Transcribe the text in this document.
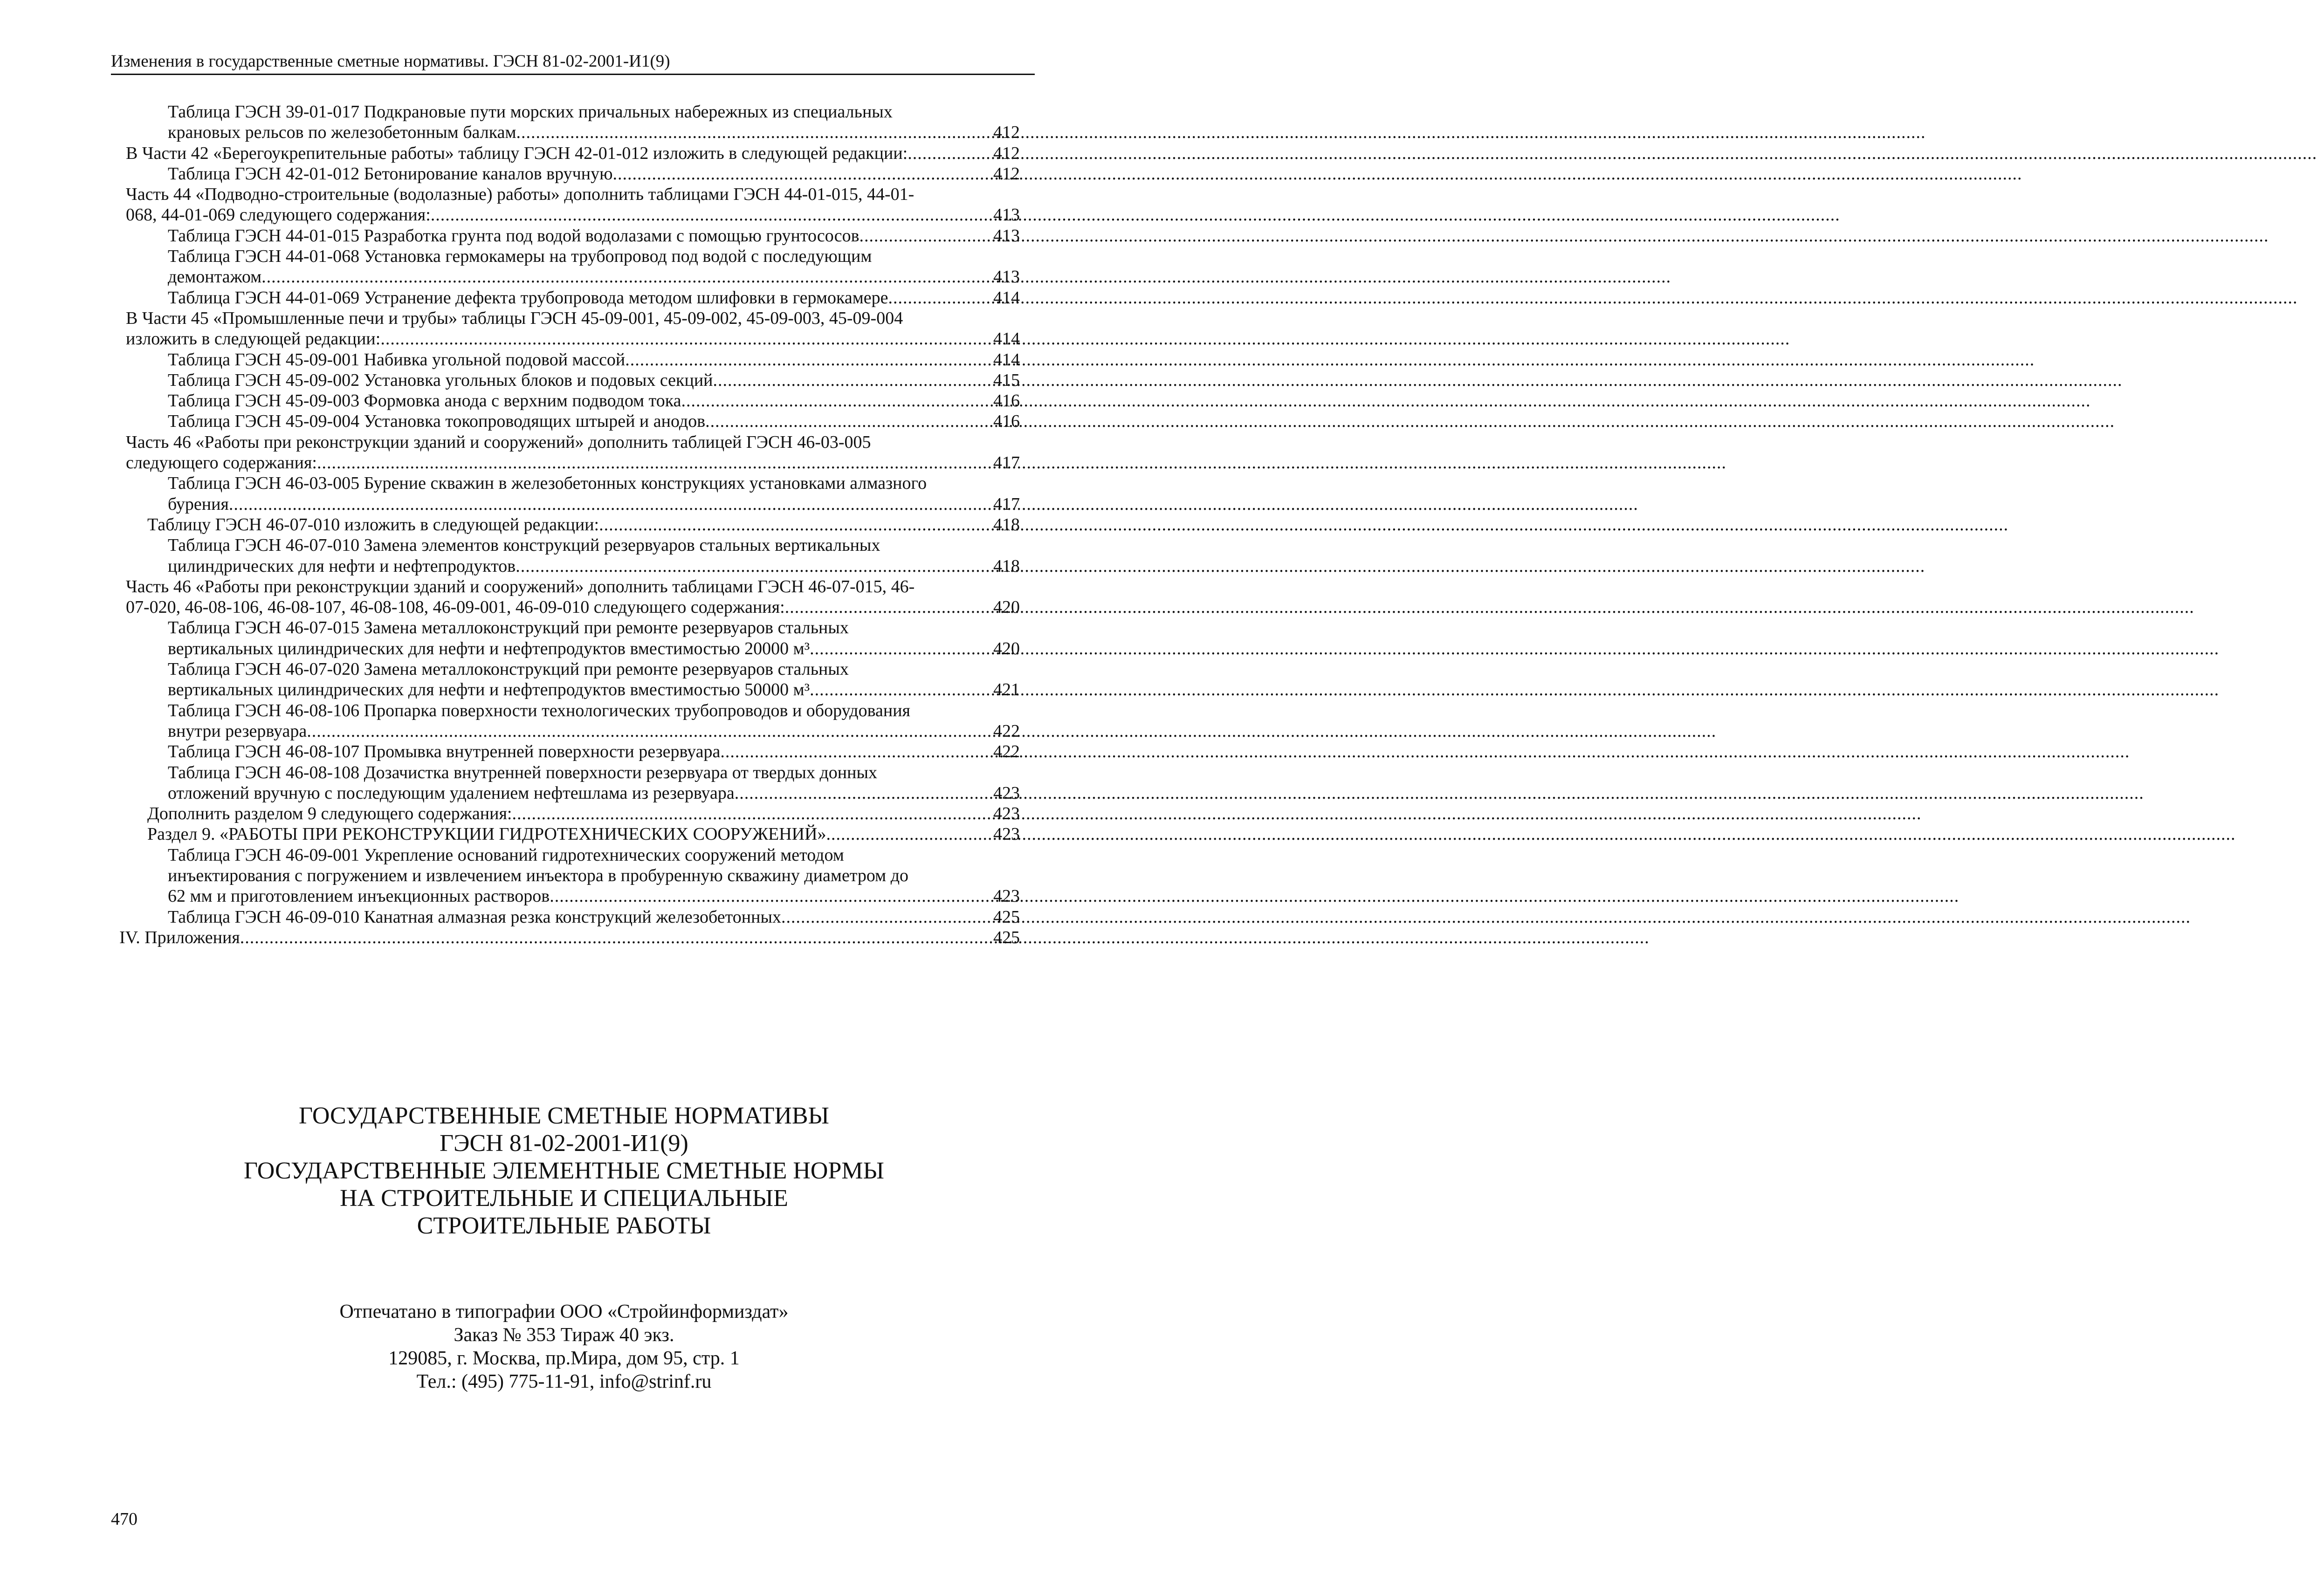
Изменения в государственные сметные нормативы. ГЭСН 81-02-2001-И1(9)
Таблица ГЭСН 39-01-017 Подкрановые пути морских причальных набережных из специальных
крановых рельсов по железобетонным балкам .....	412
В Части 42 «Берегоукрепительные работы» таблицу ГЭСН 42-01-012 изложить в следующей редакции: .....	412
Таблица ГЭСН 42-01-012 Бетонирование каналов вручную .....	412
Часть 44 «Подводно-строительные (водолазные) работы» дополнить таблицами ГЭСН 44-01-015, 44-01-
068, 44-01-069 следующего содержания: .....	413
Таблица ГЭСН 44-01-015 Разработка грунта под водой водолазами с помощью грунтососов .....	413
Таблица ГЭСН 44-01-068 Установка гермокамеры на трубопровод под водой с последующим
демонтажом .....	413
Таблица ГЭСН 44-01-069 Устранение дефекта трубопровода методом шлифовки в гермокамере .....	414
В Части 45 «Промышленные печи и трубы» таблицы ГЭСН 45-09-001, 45-09-002, 45-09-003, 45-09-004
изложить в следующей редакции: .....	414
Таблица ГЭСН 45-09-001 Набивка угольной подовой массой .....	414
Таблица ГЭСН 45-09-002 Установка угольных блоков и подовых секций .....	415
Таблица ГЭСН 45-09-003 Формовка анода с верхним подводом тока .....	416
Таблица ГЭСН 45-09-004 Установка токопроводящих штырей и анодов .....	416
Часть 46 «Работы при реконструкции зданий и сооружений» дополнить таблицей ГЭСН 46-03-005
следующего содержания: .....	417
Таблица ГЭСН 46-03-005 Бурение скважин в железобетонных конструкциях установками алмазного
бурения .....	417
Таблицу ГЭСН 46-07-010 изложить в следующей редакции: .....	418
Таблица ГЭСН 46-07-010 Замена элементов конструкций резервуаров стальных вертикальных
цилиндрических для нефти и нефтепродуктов .....	418
Часть 46 «Работы при реконструкции зданий и сооружений» дополнить таблицами ГЭСН 46-07-015, 46-
07-020, 46-08-106, 46-08-107, 46-08-108, 46-09-001, 46-09-010 следующего содержания: .....	420
Таблица ГЭСН 46-07-015 Замена металлоконструкций при ремонте резервуаров стальных
вертикальных цилиндрических для нефти и нефтепродуктов вместимостью 20000 м³ .....	420
Таблица ГЭСН 46-07-020 Замена металлоконструкций при ремонте резервуаров стальных
вертикальных цилиндрических для нефти и нефтепродуктов вместимостью 50000 м³ .....	421
Таблица ГЭСН 46-08-106 Пропарка поверхности технологических трубопроводов и оборудования
внутри резервуара .....	422
Таблица ГЭСН 46-08-107 Промывка внутренней поверхности резервуара .....	422
Таблица ГЭСН 46-08-108 Дозачистка внутренней поверхности резервуара от твердых донных
отложений вручную с последующим удалением нефтешлама из резервуара .....	423
Дополнить разделом 9 следующего содержания: .....	423
Раздел 9. «РАБОТЫ ПРИ РЕКОНСТРУКЦИИ ГИДРОТЕХНИЧЕСКИХ СООРУЖЕНИЙ» .....	423
Таблица ГЭСН 46-09-001 Укрепление оснований гидротехнических сооружений методом
инъектирования с погружением и извлечением инъектора в пробуренную скважину диаметром до
62 мм и приготовлением инъекционных растворов .....	423
Таблица ГЭСН 46-09-010 Канатная алмазная резка конструкций железобетонных .....	425
IV. Приложения .....	425
ГОСУДАРСТВЕННЫЕ СМЕТНЫЕ НОРМАТИВЫ
ГЭСН 81-02-2001-И1(9)
ГОСУДАРСТВЕННЫЕ ЭЛЕМЕНТНЫЕ СМЕТНЫЕ НОРМЫ
НА СТРОИТЕЛЬНЫЕ И СПЕЦИАЛЬНЫЕ
СТРОИТЕЛЬНЫЕ РАБОТЫ
Отпечатано в типографии ООО «Стройинформиздат»
Заказ № 353 Тираж 40 экз.
129085, г. Москва, пр.Мира, дом 95, стр. 1
Тел.: (495) 775-11-91, info@strinf.ru
470
